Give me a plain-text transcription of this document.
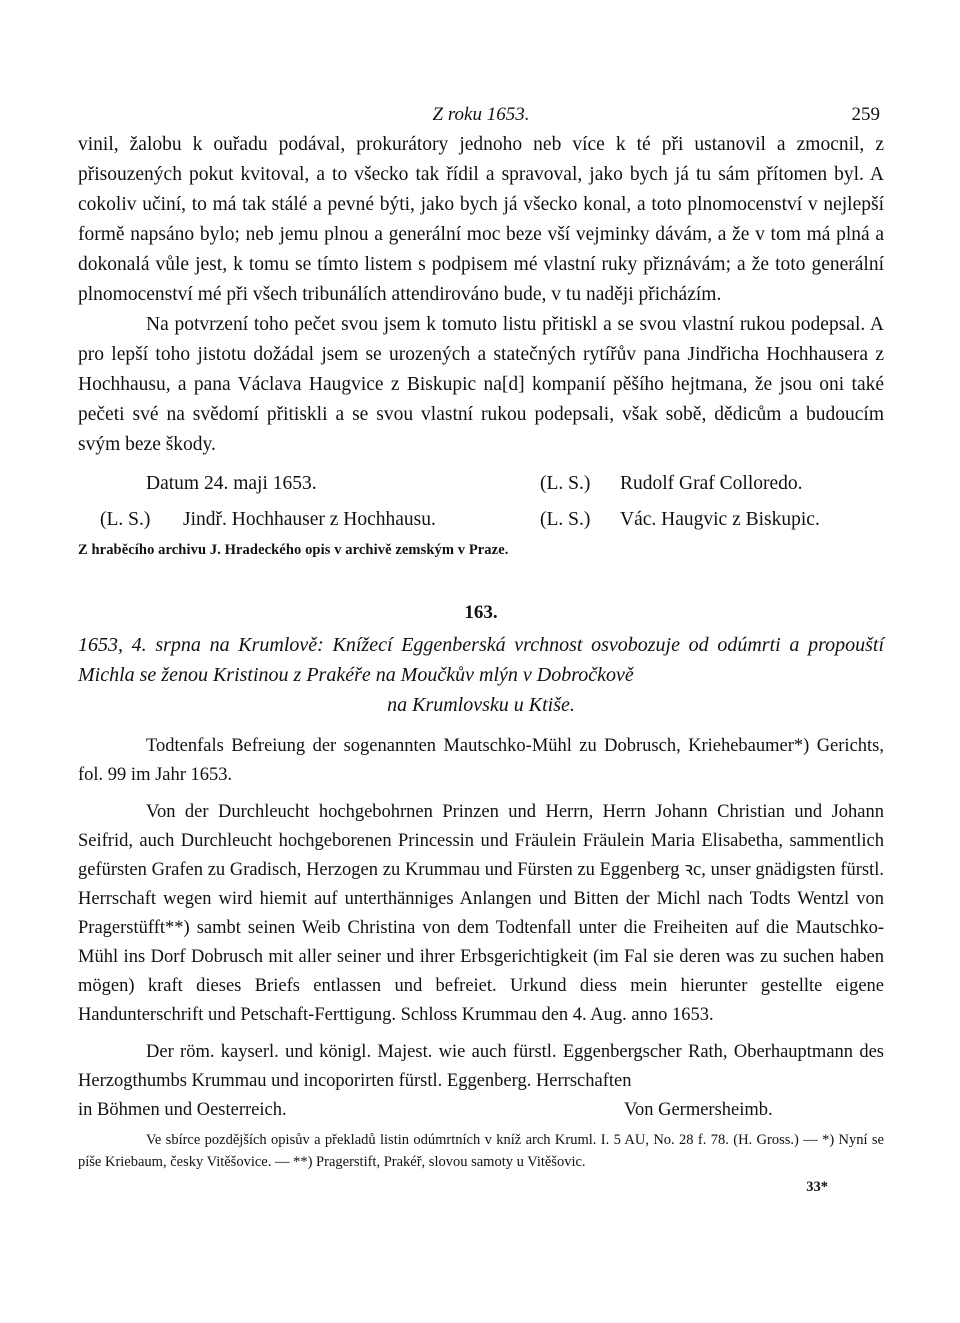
Z roku 1653.	259

vinil, žalobu k ouřadu podával, prokurátory jednoho neb více k té při ustanovil a zmocnil, z přisouzených pokut kvitoval, a to všecko tak řídil a spravoval, jako bych já tu sám přítomen byl. A cokoliv učiní, to má tak stálé a pevné býti, jako bych já všecko konal, a toto plnomocenství v nejlepší formě napsáno bylo; neb jemu plnou a generální moc beze vší vejminky dávám, a že v tom má plná a dokonalá vůle jest, k tomu se tímto listem s podpisem mé vlastní ruky přiznávám; a že toto generální plnomocenství mé při všech tribunálích attendirováno bude, v tu naději přicházím.

Na potvrzení toho pečet svou jsem k tomuto listu přitiskl a se svou vlastní rukou podepsal. A pro lepší toho jistotu dožádal jsem se urozených a statečných rytířův pana Jindřicha Hochhausera z Hochhausu, a pana Václava Haugvice z Biskupic na[d] kompanií pěšího hejtmana, že jsou oni také pečeti své na svědomí přitiskli a se svou vlastní rukou podepsali, však sobě, dědicům a budoucím svým beze škody.

Datum 24. maji 1653.	(L. S.) Rudolf Graf Colloredo.
(L. S.) Jindř. Hochhauser z Hochhausu.	(L. S.) Vác. Haugvic z Biskupic.
Z hraběcího archivu J. Hradeckého opis v archivě zemským v Praze.
163.
1653, 4. srpna na Krumlově: Knížecí Eggenberská vrchnost osvobozuje od odúmrti a propouští Michla se ženou Kristinou z Prakéře na Moučkův mlýn v Dobročkově
na Krumlovsku u Ktiše.

Todtenfals Befreiung der sogenannten Mautschko-Mühl zu Dobrusch, Kriehebaumer*) Gerichts, fol. 99 im Jahr 1653.

Von der Durchleucht hochgebohrnen Prinzen und Herrn, Herrn Johann Christian und Johann Seifrid, auch Durchleucht hochgeborenen Princessin und Fräulein Fräulein Maria Elisabetha, sammentlich gefürsten Grafen zu Gradisch, Herzogen zu Krummau und Fürsten zu Eggenberg ꝛc, unser gnädigsten fürstl. Herrschaft wegen wird hiemit auf unterthänniges Anlangen und Bitten der Michl nach Todts Wentzl von Pragerstüfft**) sambt seinen Weib Christina von dem Todtenfall unter die Freiheiten auf die Mautschko-Mühl ins Dorf Dobrusch mit aller seiner und ihrer Erbsgerichtigkeit (im Fal sie deren was zu suchen haben mögen) kraft dieses Briefs entlassen und befreiet. Urkund diess mein hierunter gestellte eigene Handunterschrift und Petschaft-Ferttigung. Schloss Krummau den 4. Aug. anno 1653.

Der röm. kayserl. und königl. Majest. wie auch fürstl. Eggenbergscher Rath, Oberhauptmann des Herzogthumbs Krummau und incoporirten fürstl. Eggenberg. Herrschaften

in Böhmen und Oesterreich.	Von Germersheimb.

Ve sbírce pozdějších opisův a překladů listin odúmrtních v kníž arch Kruml. I. 5 AU, No. 28 f. 78. (H. Gross.) — *) Nyní se píše Kriebaum, česky Vitěšovice. — **) Pragerstift, Prakéř, slovou samoty u Vitěšovic.

33*
